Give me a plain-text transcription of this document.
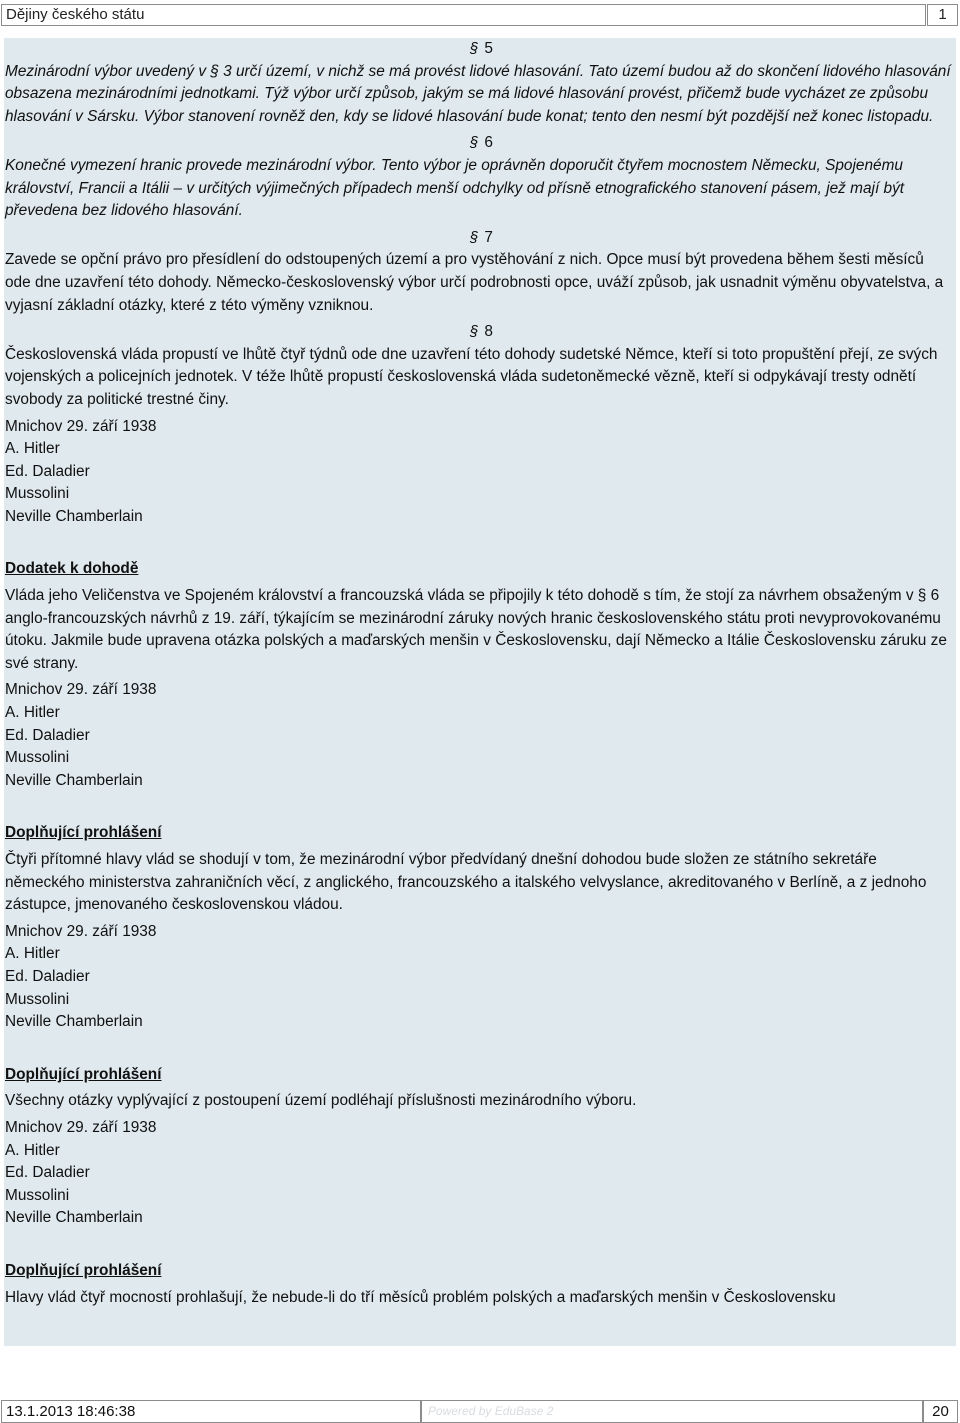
Dějiny českého státu	1

§ 5

Mezinárodní výbor uvedený v § 3 určí území, v nichž se má provést lidové hlasování. Tato území budou až do skončení lidového hlasování obsazena mezinárodními jednotkami. Týž výbor určí způsob, jakým se má lidové hlasování provést, přičemž bude vycházet ze způsobu hlasování v Sársku. Výbor stanovení rovněž den, kdy se lidové hlasování bude konat; tento den nesmí být pozdější než konec listopadu.

§ 6

Konečné vymezení hranic provede mezinárodní výbor. Tento výbor je oprávněn doporučit čtyřem mocnostem Německu, Spojenému království, Francii a Itálii – v určitých výjimečných případech menší odchylky od přísně etnografického stanovení pásem, jež mají být převedena bez lidového hlasování.

§ 7

Zavede se opční právo pro přesídlení do odstoupených území a pro vystěhování z nich. Opce musí být provedena během šesti měsíců ode dne uzavření této dohody. Německo-československý výbor určí podrobnosti opce, uváží způsob, jak usnadnit výměnu obyvatelstva, a vyjasní základní otázky, které z této výměny vzniknou.

§ 8

Československá vláda propustí ve lhůtě čtyř týdnů ode dne uzavření této dohody sudetské Němce, kteří si toto propuštění přejí, ze svých vojenských a policejních jednotek. V téže lhůtě propustí československá vláda sudetoněmecké vězně, kteří si odpykávají tresty odnětí svobody za politické trestné činy.

Mnichov 29. září 1938

A. Hitler

Ed. Daladier

Mussolini

Neville Chamberlain

Dodatek k dohodě

Vláda jeho Veličenstva ve Spojeném království a francouzská vláda se připojily k této dohodě s tím, že stojí za návrhem obsaženým v § 6 anglo-francouzských návrhů z 19. září, týkajícím se mezinárodní záruky nových hranic československého státu proti nevyprovokovanému útoku. Jakmile bude upravena otázka polských a maďarských menšin v Československu, dají Německo a Itálie Československu záruku ze své strany.

Mnichov 29. září 1938

A. Hitler

Ed. Daladier

Mussolini

Neville Chamberlain

Doplňující prohlášení

Čtyři přítomné hlavy vlád se shodují v tom, že mezinárodní výbor předvídaný dnešní dohodou bude složen ze státního sekretáře německého ministerstva zahraničních věcí, z anglického, francouzského a italského velvyslance, akreditovaného v Berlíně, a z jednoho zástupce, jmenovaného československou vládou.

Mnichov 29. září 1938

A. Hitler

Ed. Daladier

Mussolini

Neville Chamberlain

Doplňující prohlášení

Všechny otázky vyplývající z postoupení území podléhají příslušnosti mezinárodního výboru.

Mnichov 29. září 1938

A. Hitler

Ed. Daladier

Mussolini

Neville Chamberlain

Doplňující prohlášení

Hlavy vlád čtyř mocností prohlašují, že nebude-li do tří měsíců problém polských a maďarských menšin v Československu

13.1.2013 18:46:38	Powered by EduBase 2	20
